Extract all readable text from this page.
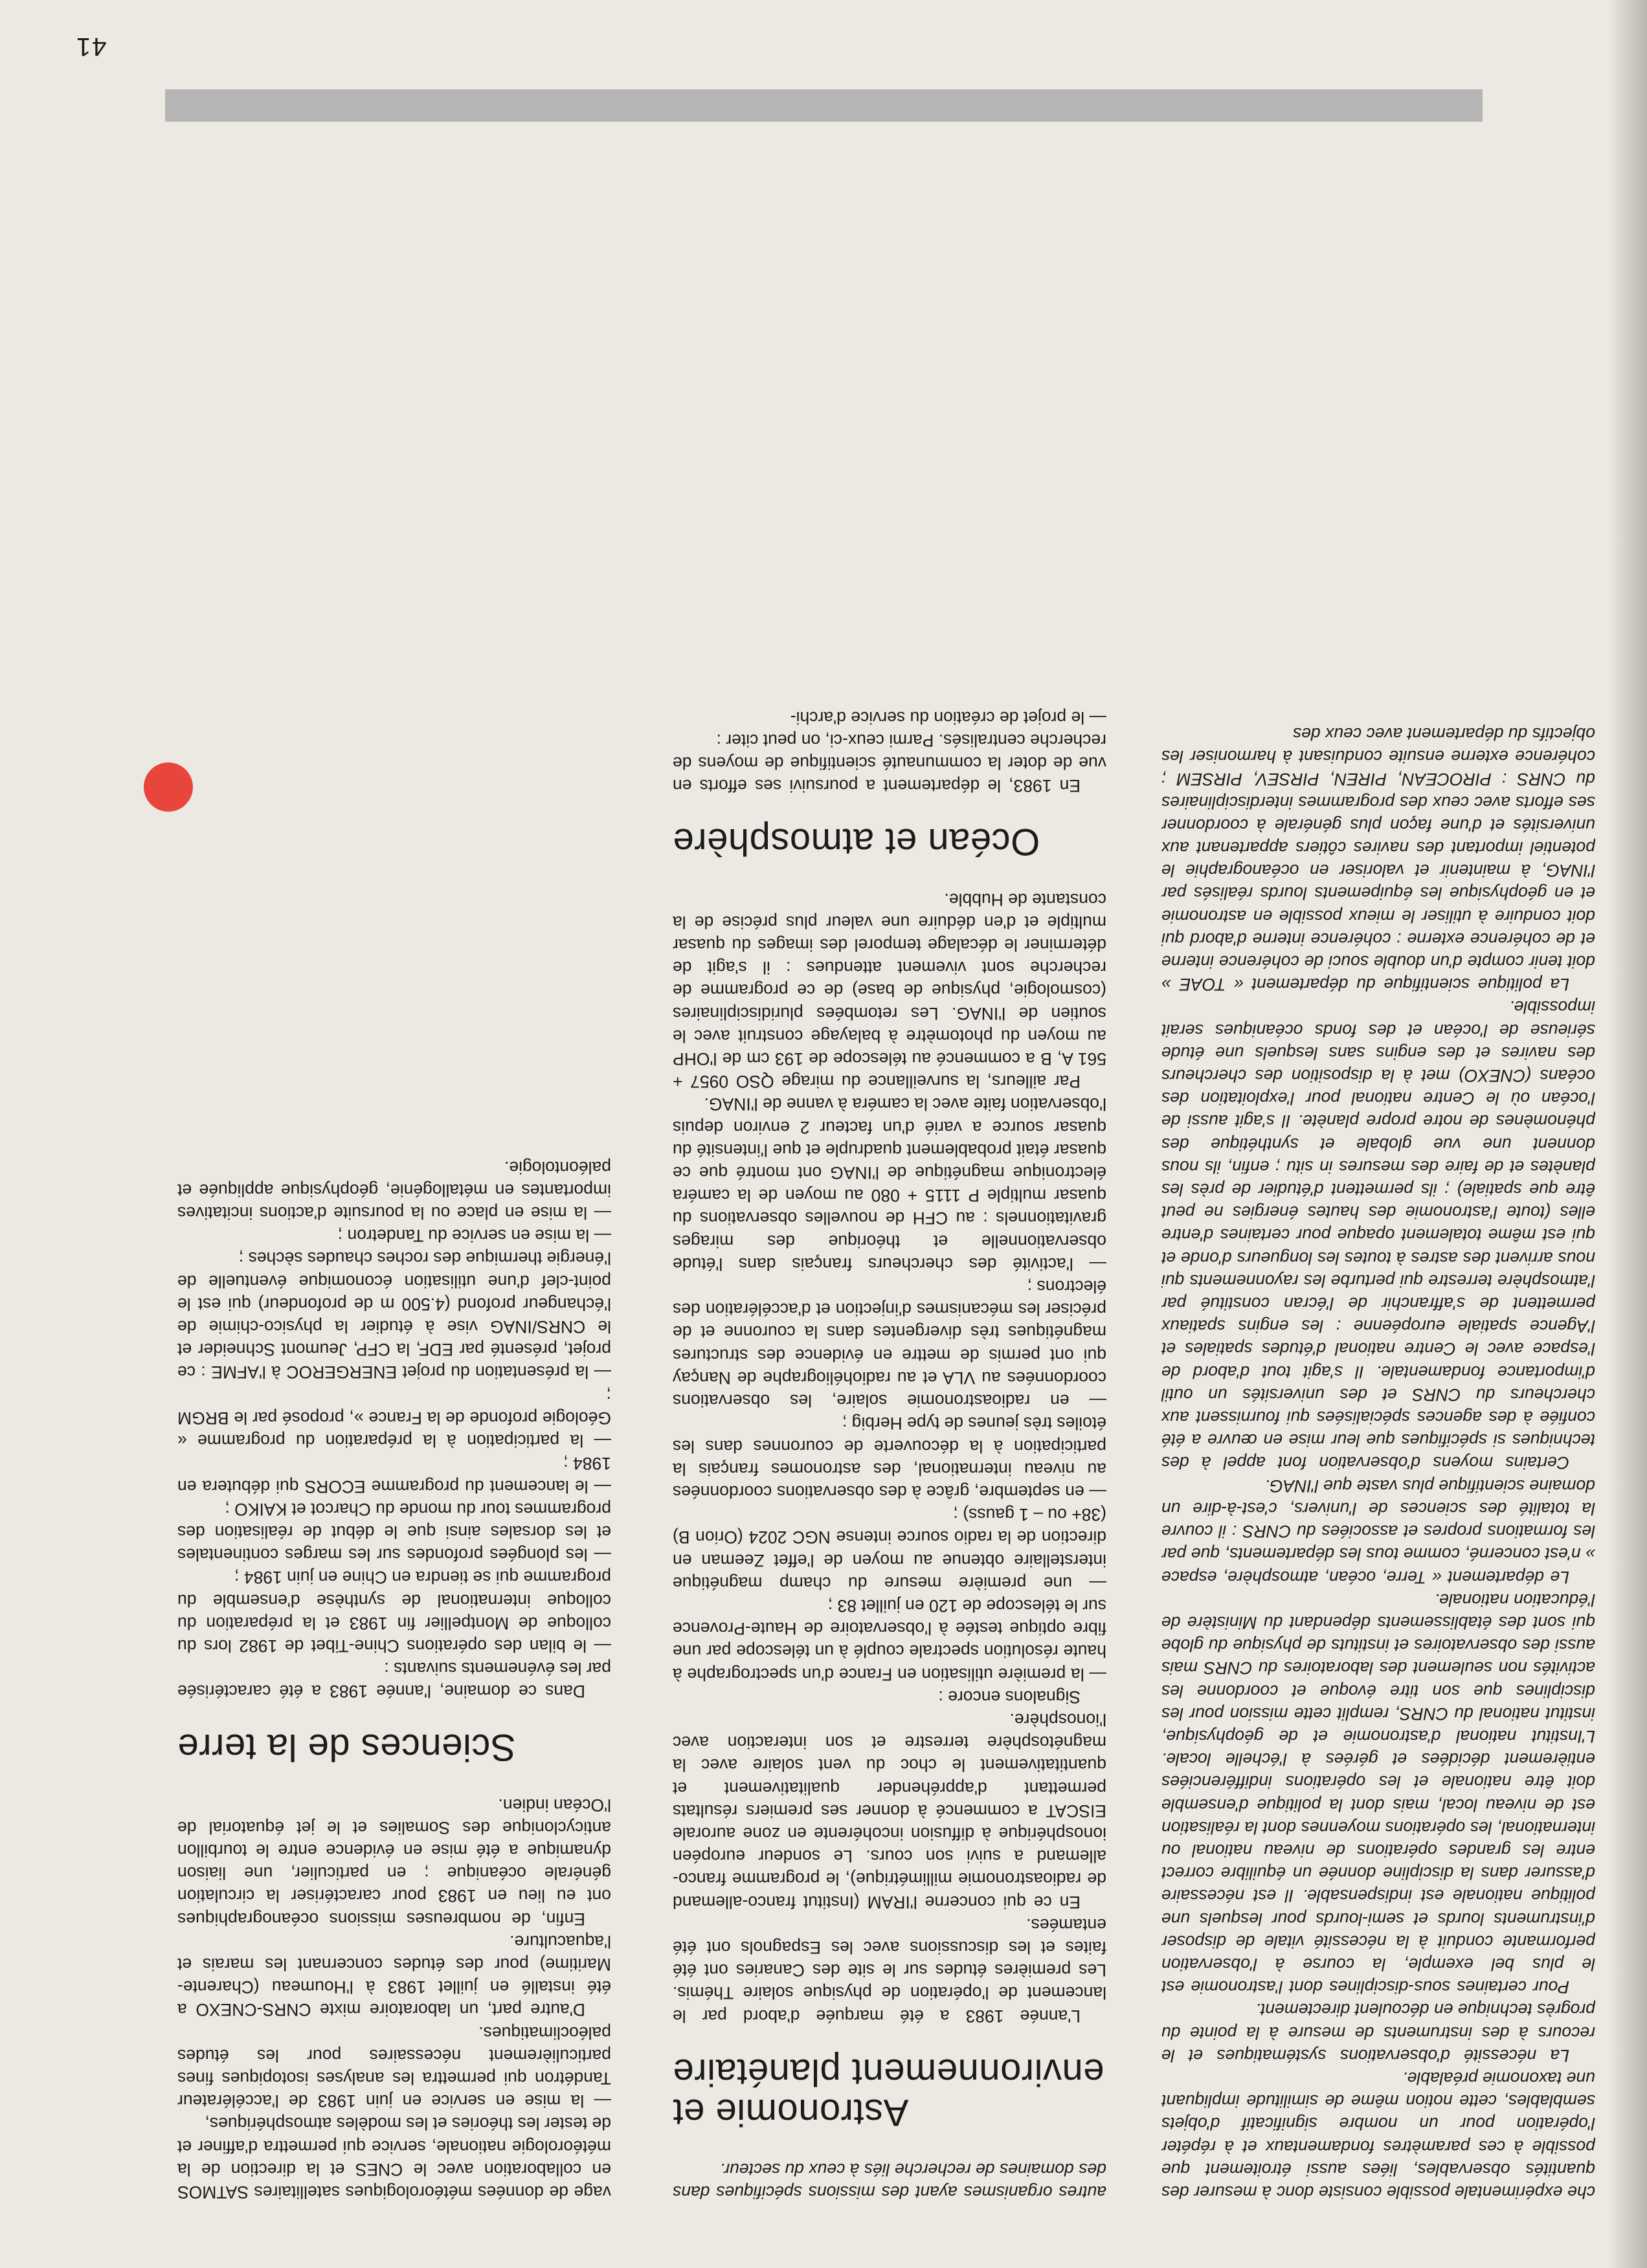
41

che expérimentale possible consiste donc à mesurer des quantités observables, liées aussi étroitement que possible à ces paramètres fondamentaux et à répéter l'opération pour un nombre significatif d'objets semblables, cette notion même de similitude impliquant une taxonomie préalable.

La nécessité d'observations systématiques et le recours à des instruments de mesure à la pointe du progrès technique en découlent directement.

Pour certaines sous-disciplines dont l'astronomie est le plus bel exemple, la course à l'observation performante conduit à la nécessité vitale de disposer d'instruments lourds et semi-lourds pour lesquels une politique nationale est indispensable. Il est nécessaire d'assurer dans la discipline donnée un équilibre correct entre les grandes opérations de niveau national ou international, les opérations moyennes dont la réalisation est de niveau local, mais dont la politique d'ensemble doit être nationale et les opérations indifférenciées entièrement décidées et gérées à l'échelle locale. L'Institut national d'astronomie et de géophysique, institut national du CNRS, remplit cette mission pour les disciplines que son titre évoque et coordonne les activités non seulement des laboratoires du CNRS mais aussi des observatoires et instituts de physique du globe qui sont des établissements dépendant du Ministère de l'éducation nationale.

Le département « Terre, océan, atmosphère, espace » n'est concerné, comme tous les départements, que par les formations propres et associées du CNRS : il couvre la totalité des sciences de l'univers, c'est-à-dire un domaine scientifique plus vaste que l'INAG.

Certains moyens d'observation font appel à des techniques si spécifiques que leur mise en œuvre a été confiée à des agences spécialisées qui fournissent aux chercheurs du CNRS et des universités un outil d'importance fondamentale. Il s'agit tout d'abord de l'espace avec le Centre national d'études spatiales et l'Agence spatiale européenne : les engins spatiaux permettent de s'affranchir de l'écran constitué par l'atmosphère terrestre qui perturbe les rayonnements qui nous arrivent des astres à toutes les longueurs d'onde et qui est même totalement opaque pour certaines d'entre elles (toute l'astronomie des hautes énergies ne peut être que spatiale) ; ils permettent d'étudier de près les planètes et de faire des mesures in situ ; enfin, ils nous donnent une vue globale et synthétique des phénomènes de notre propre planète. Il s'agit aussi de l'océan où le Centre national pour l'exploitation des océans (CNEXO) met à la disposition des chercheurs des navires et des engins sans lesquels une étude sérieuse de l'océan et des fonds océaniques serait impossible.

La politique scientifique du département « TOAE » doit tenir compte d'un double souci de cohérence interne et de cohérence externe : cohérence interne d'abord qui doit conduire à utiliser le mieux possible en astronomie et en géophysique les équipements lourds réalisés par l'INAG, à maintenir et valoriser en océanographie le potentiel important des navires côtiers appartenant aux universités et d'une façon plus générale à coordonner ses efforts avec ceux des programmes interdisciplinaires du CNRS : PIROCEAN, PIREN, PIRSEV, PIRSEM ; cohérence externe ensuite conduisant à harmoniser les objectifs du département avec ceux des

autres organismes ayant des missions spécifiques dans des domaines de recherche liés à ceux du secteur.

Astronomie et environnement planétaire

L'année 1983 a été marquée d'abord par le lancement de l'opération de physique solaire Thémis. Les premières études sur le site des Canaries ont été faites et les discussions avec les Espagnols ont été entamées.

En ce qui concerne l'IRAM (Institut franco-allemand de radioastronomie millimétrique), le programme franco-allemand a suivi son cours. Le sondeur européen ionosphérique à diffusion incohérente en zone aurorale EISCAT a commencé à donner ses premiers résultats permettant d'appréhender qualitativement et quantitativement le choc du vent solaire avec la magnétosphère terrestre et son interaction avec l'ionosphère.

Signalons encore :

— la première utilisation en France d'un spectrographe à haute résolution spectrale couplé à un télescope par une fibre optique testée à l'observatoire de Haute-Provence sur le télescope de 120 en juillet 83 ;

— une première mesure du champ magnétique interstellaire obtenue au moyen de l'effet Zeeman en direction de la radio source intense NGC 2024 (Orion B) (38+ ou – 1 gauss) ;

— en septembre, grâce à des observations coordonnées au niveau international, des astronomes français la participation à la découverte de couronnes dans les étoiles très jeunes de type Herbig ;

— en radioastronomie solaire, les observations coordonnées au VLA et au radiohéliographe de Nançay qui ont permis de mettre en évidence des structures magnétiques très divergentes dans la couronne et de préciser les mécanismes d'injection et d'accélération des électrons ;

— l'activité des chercheurs français dans l'étude observationnelle et théorique des mirages gravitationnels : au CFH de nouvelles observations du quasar multiple P 1115 + 080 au moyen de la caméra électronique magnétique de l'INAG ont montré que ce quasar était probablement quadruple et que l'intensité du quasar source a varié d'un facteur 2 environ depuis l'observation faite avec la caméra à vanne de l'INAG.

Par ailleurs, la surveillance du mirage QSO 0957 + 561 A, B a commencé au télescope de 193 cm de l'OHP au moyen du photomètre à balayage construit avec le soutien de l'INAG. Les retombées pluridisciplinaires (cosmologie, physique de base) de ce programme de recherche sont vivement attendues : il s'agit de déterminer le décalage temporel des images du quasar multiple et d'en déduire une valeur plus précise de la constante de Hubble.

Océan et atmosphère

En 1983, le département a poursuivi ses efforts en vue de doter la communauté scientifique de moyens de recherche centralisés. Parmi ceux-ci, on peut citer :

— le projet de création du service d'archi-

vage de données météorologiques satellitaires SATMOS en collaboration avec le CNES et la direction de la météorologie nationale, service qui permettra d'affiner et de tester les théories et les modèles atmosphériques,

— la mise en service en juin 1983 de l'accélérateur Tandétron qui permettra les analyses isotopiques fines particulièrement nécessaires pour les études paléoclimatiques.

D'autre part, un laboratoire mixte CNRS-CNEXO a été installé en juillet 1983 à l'Houmeau (Charente-Maritime) pour des études concernant les marais et l'aquaculture.

Enfin, de nombreuses missions océanographiques ont eu lieu en 1983 pour caractériser la circulation générale océanique ; en particulier, une liaison dynamique a été mise en évidence entre le tourbillon anticyclonique des Somalies et le jet équatorial de l'Océan indien.

Sciences de la terre

Dans ce domaine, l'année 1983 a été caractérisée par les événements suivants :

— le bilan des opérations Chine-Tibet de 1982 lors du colloque de Montpellier fin 1983 et la préparation du colloque international de synthèse d'ensemble du programme qui se tiendra en Chine en juin 1984 ;

— les plongées profondes sur les marges continentales et les dorsales ainsi que le début de réalisation des programmes tour du monde du Charcot et KAIKO ;

— le lancement du programme ECORS qui débutera en 1984 ;

— la participation à la préparation du programme « Géologie profonde de la France », proposé par le BRGM ;

— la présentation du projet ENERGEROC à l'AFME : ce projet, présenté par EDF, la CFP, Jeumont Schneider et le CNRS/INAG vise à étudier la physico-chimie de l'échangeur profond (4.500 m de profondeur) qui est le point-clef d'une utilisation économique éventuelle de l'énergie thermique des roches chaudes sèches ;

— la mise en service du Tandetron ;

— la mise en place ou la poursuite d'actions incitatives importantes en métallogénie, géophysique appliquée et paléontologie.
